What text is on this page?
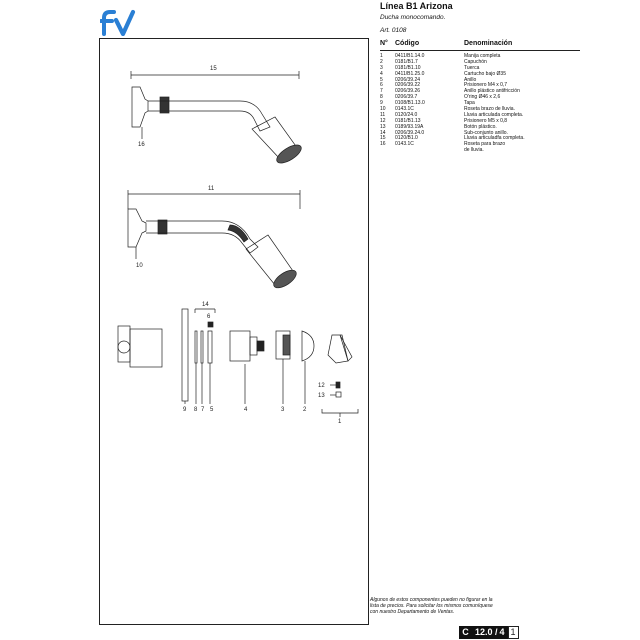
Línea B1 Arizona
Ducha monocomando.
Art. 0108
N° Código	Denominación
1 0411/B1.14.0	Manija completa
2 0181/B1.7	Capuchón
3 0181/B1.10	Tuerca
4 0411/B1.25.0	Cartucho bajo Ø35
5 0206/39.24	Anillo
6 0206/39.22	Prisionero M4 x 0,7
7 0206/39.26	Anillo plástico antifricción
8 0206/39.7	O'ring Ø46 x 2,6
9 0108/B1.13.0	Tapa
10 0143.1C	Roseta brazo de lluvia.
11 0120/24.0	Lluvia articulada completa.
12 0181/B1.13	Prisionero M5 x 0,8
13 0189/93.19A	Botón plástico.
14 0206/39.24.0	Sub-conjunto anillo.
15 0120/B1.0	Lluvia articuladfa completa.
16 0143.1C	Roseta para brazo
de lluvia.
15
16
11
10
14
6
9 8 7 5	4	3	2
1
12
13
Algunos de estos componentes pueden no figurar en la
lista de precios. Para solicitar los mismos comuníquese
con nuestro Departamento de Ventas.
C 12.0 / 4 1
